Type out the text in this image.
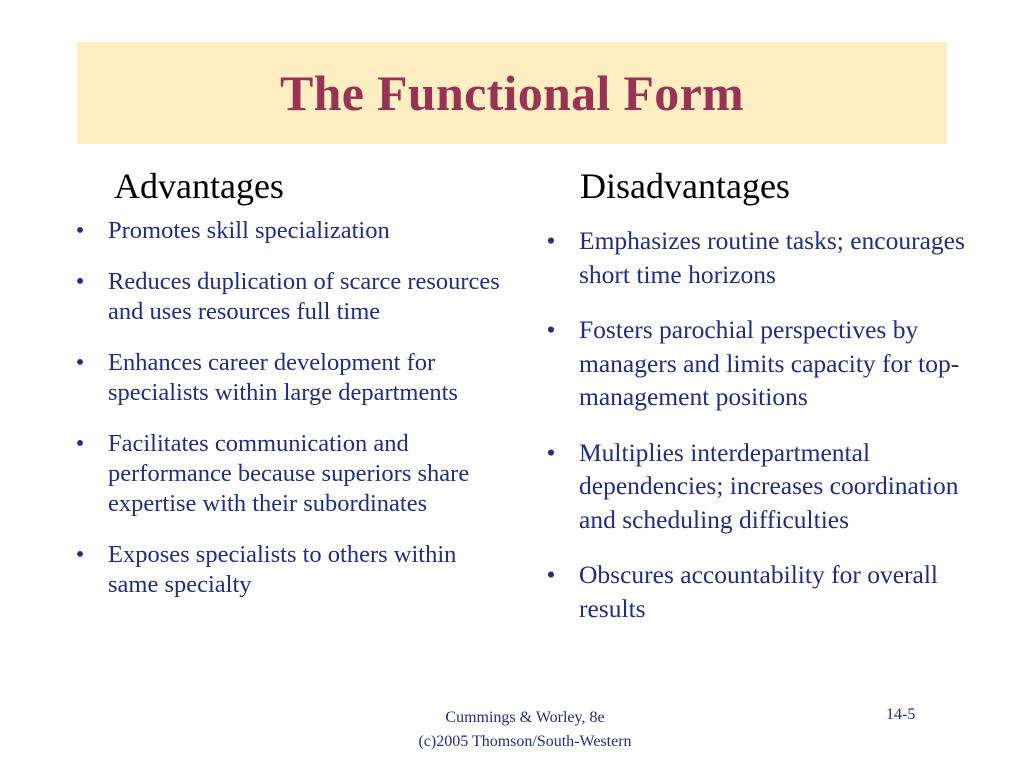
The Functional Form
Advantages	Disadvantages
• Promotes skill specialization
• Reduces duplication of scarce resources and uses resources full time
• Enhances career development for specialists within large departments
• Facilitates communication and performance because superiors share expertise with their subordinates
• Exposes specialists to others within same specialty
• Emphasizes routine tasks; encourages short time horizons
• Fosters parochial perspectives by managers and limits capacity for top-management positions
• Multiplies interdepartmental dependencies; increases coordination and scheduling difficulties
• Obscures accountability for overall results
Cummings & Worley, 8e
(c)2005 Thomson/South-Western
14-5
